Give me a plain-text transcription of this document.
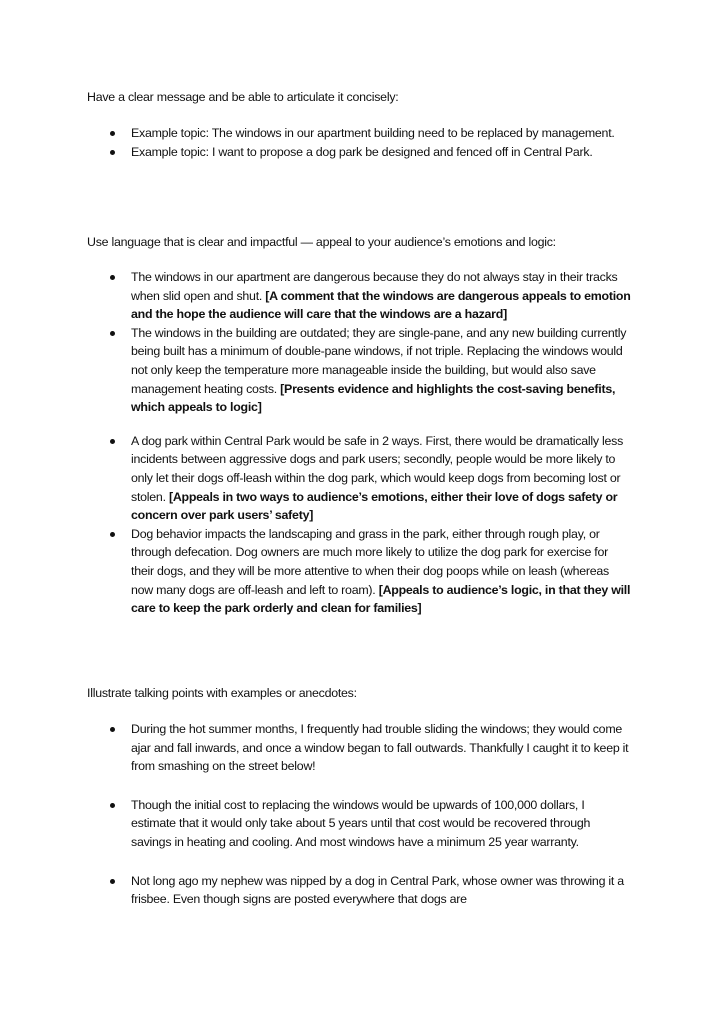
Have a clear message and be able to articulate it concisely:

Example topic: The windows in our apartment building need to be replaced by management.
Example topic: I want to propose a dog park be designed and fenced off in Central Park.

Use language that is clear and impactful — appeal to your audience’s emotions and logic:

The windows in our apartment are dangerous because they do not always stay in their tracks when slid open and shut. [A comment that the windows are dangerous appeals to emotion and the hope the audience will care that the windows are a hazard]
The windows in the building are outdated; they are single-pane, and any new building currently being built has a minimum of double-pane windows, if not triple. Replacing the windows would not only keep the temperature more manageable inside the building, but would also save management heating costs. [Presents evidence and highlights the cost-saving benefits, which appeals to logic]
A dog park within Central Park would be safe in 2 ways. First, there would be dramatically less incidents between aggressive dogs and park users; secondly, people would be more likely to only let their dogs off-leash within the dog park, which would keep dogs from becoming lost or stolen. [Appeals in two ways to audience’s emotions, either their love of dogs safety or concern over park users’ safety]
Dog behavior impacts the landscaping and grass in the park, either through rough play, or through defecation. Dog owners are much more likely to utilize the dog park for exercise for their dogs, and they will be more attentive to when their dog poops while on leash (whereas now many dogs are off-leash and left to roam). [Appeals to audience’s logic, in that they will care to keep the park orderly and clean for families]

Illustrate talking points with examples or anecdotes:

During the hot summer months, I frequently had trouble sliding the windows; they would come ajar and fall inwards, and once a window began to fall outwards. Thankfully I caught it to keep it from smashing on the street below!
Though the initial cost to replacing the windows would be upwards of 100,000 dollars, I estimate that it would only take about 5 years until that cost would be recovered through savings in heating and cooling. And most windows have a minimum 25 year warranty.
Not long ago my nephew was nipped by a dog in Central Park, whose owner was throwing it a frisbee. Even though signs are posted everywhere that dogs are
